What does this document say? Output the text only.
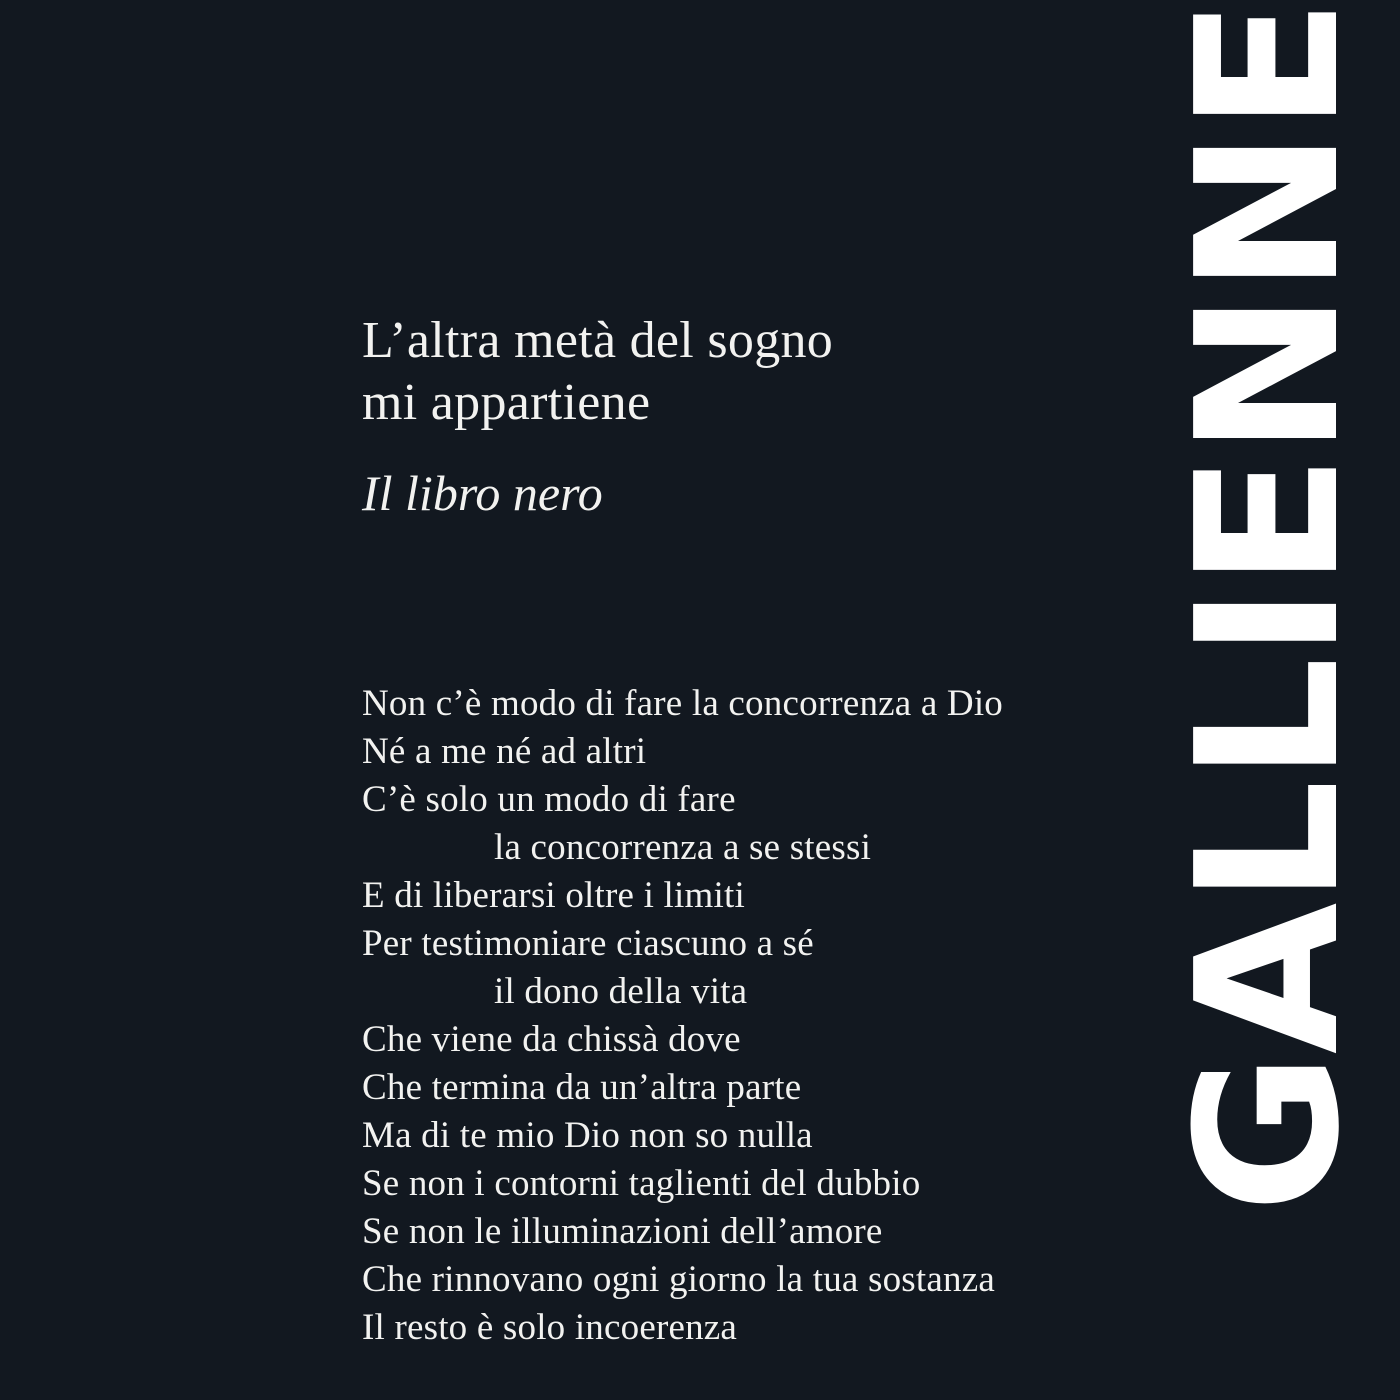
L’altra metà del sogno
mi appartiene
Il libro nero
Non c’è modo di fare la concorrenza a Dio
Né a me né ad altri
C’è solo un modo di fare
la concorrenza a se stessi
E di liberarsi oltre i limiti
Per testimoniare ciascuno a sé
il dono della vita
Che viene da chissà dove
Che termina da un’altra parte
Ma di te mio Dio non so nulla
Se non i contorni taglienti del dubbio
Se non le illuminazioni dell’amore
Che rinnovano ogni giorno la tua sostanza
Il resto è solo incoerenza
GALLIENNE
